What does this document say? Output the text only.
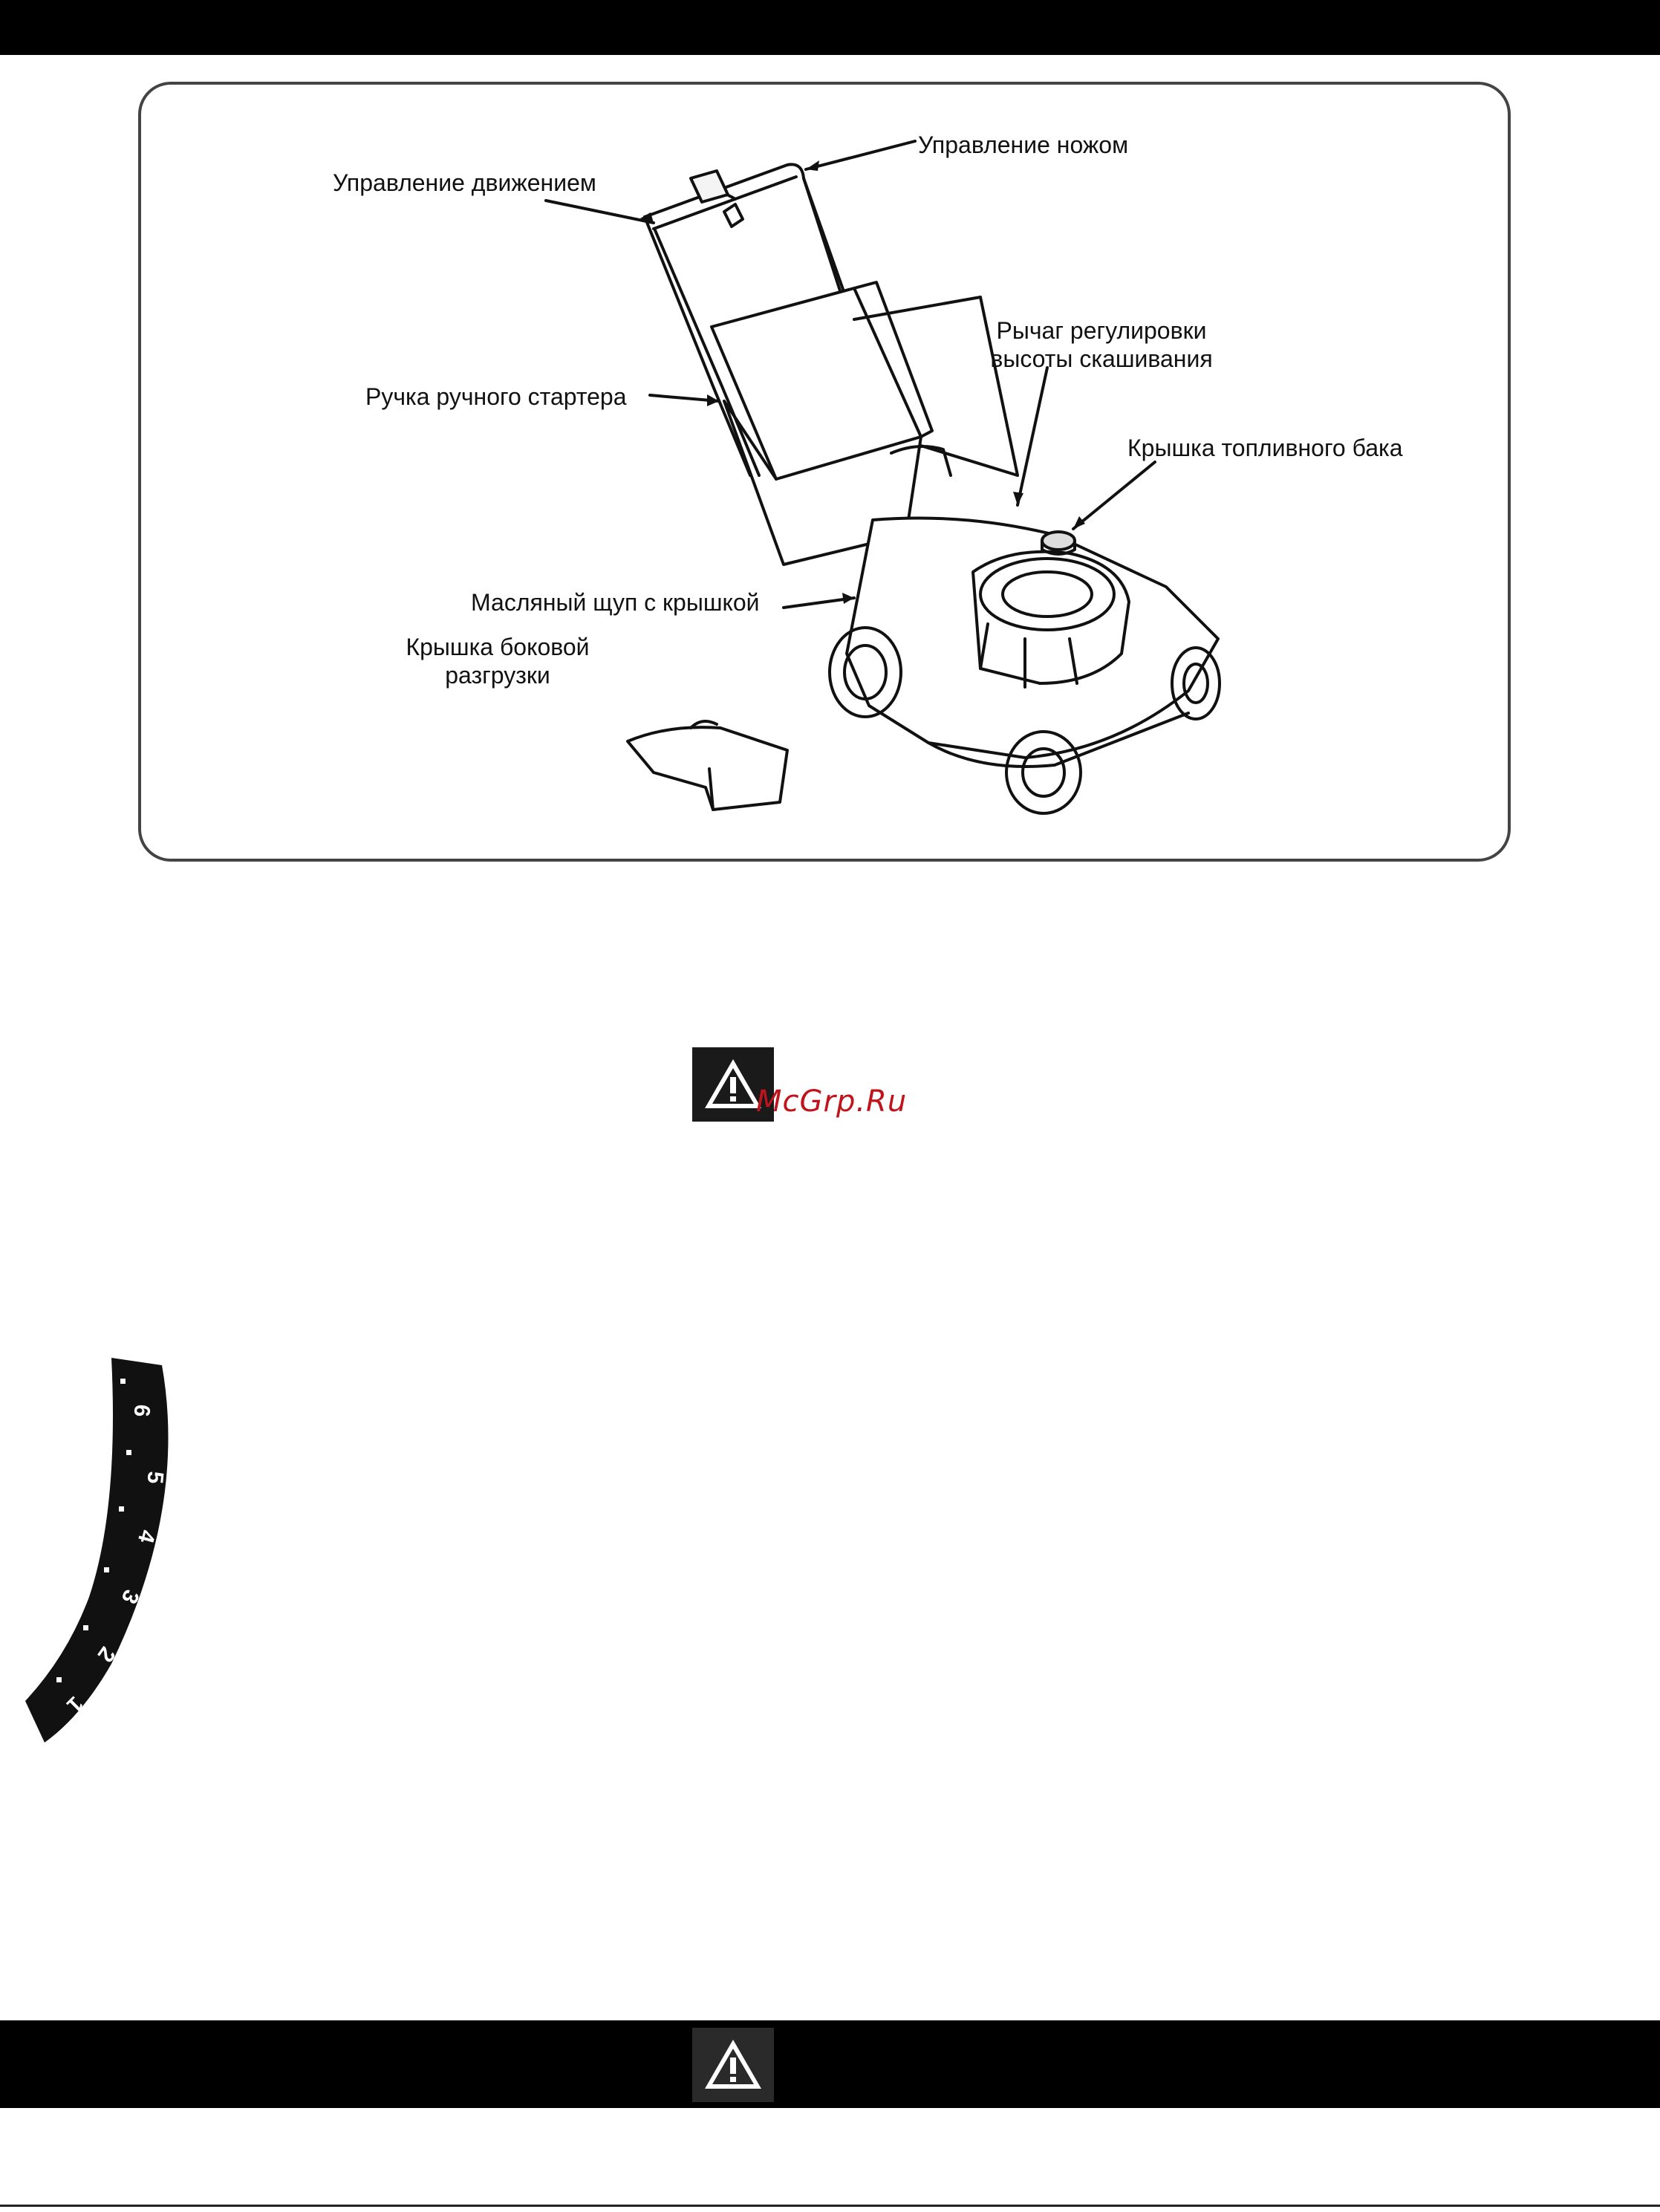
Управление ножом
Управление движением
Рычаг регулировки
высоты скашивания
Ручка ручного стартера
Крышка топливного бака
Масляный щуп с крышкой
Крышка боковой
разгрузки
McGrp.Ru
6
5
4
3
2
1
